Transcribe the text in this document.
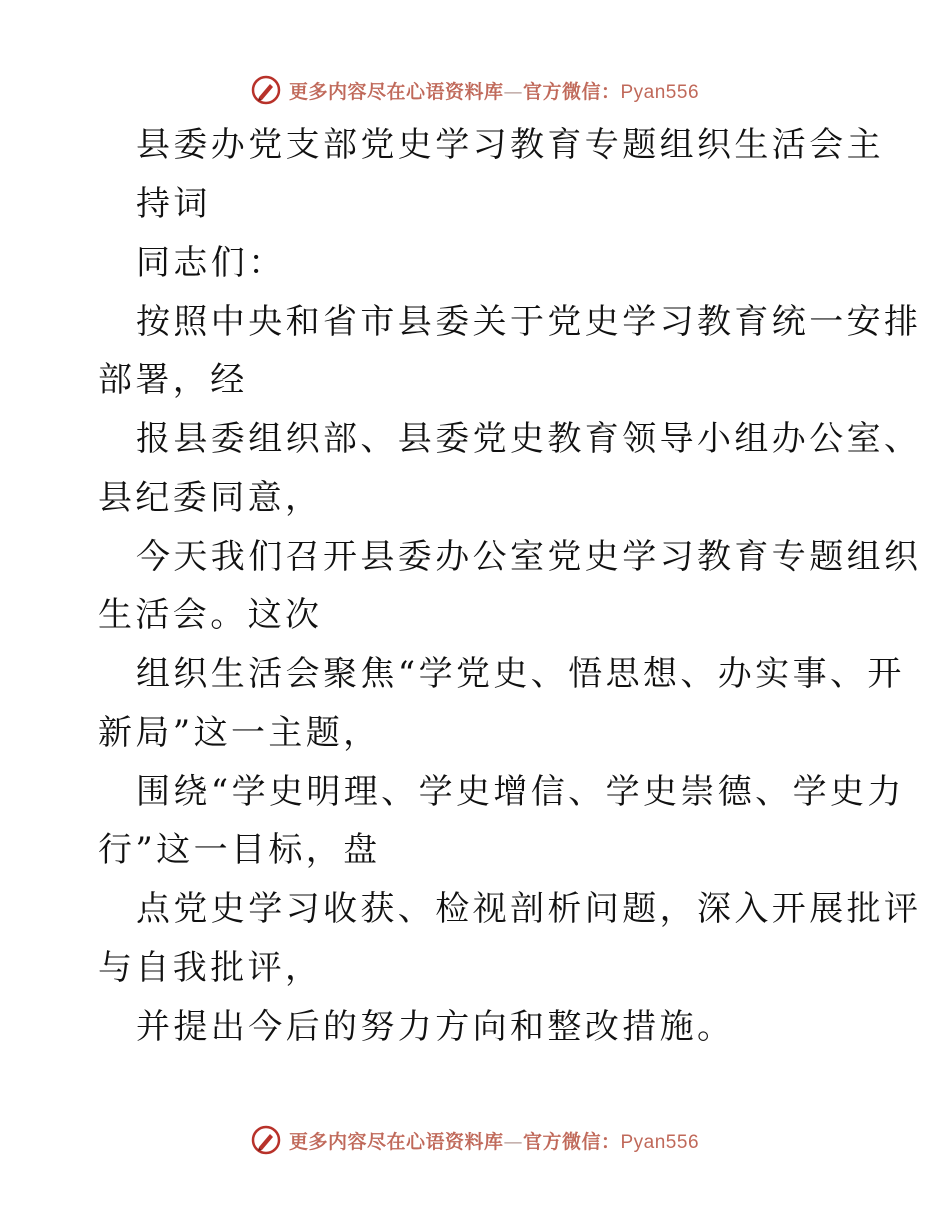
更多内容尽在心语资料库—官方微信：Pyan556
县委办党支部党史学习教育专题组织生活会主
持词
同志们：
按照中央和省市县委关于党史学习教育统一安排
部署，经
报县委组织部、县委党史教育领导小组办公室、
县纪委同意，
今天我们召开县委办公室党史学习教育专题组织
生活会。这次
组织生活会聚焦“学党史、悟思想、办实事、开
新局”这一主题，
围绕“学史明理、学史增信、学史崇德、学史力
行”这一目标，盘
点党史学习收获、检视剖析问题，深入开展批评
与自我批评，
并提出今后的努力方向和整改措施。
更多内容尽在心语资料库—官方微信：Pyan556
